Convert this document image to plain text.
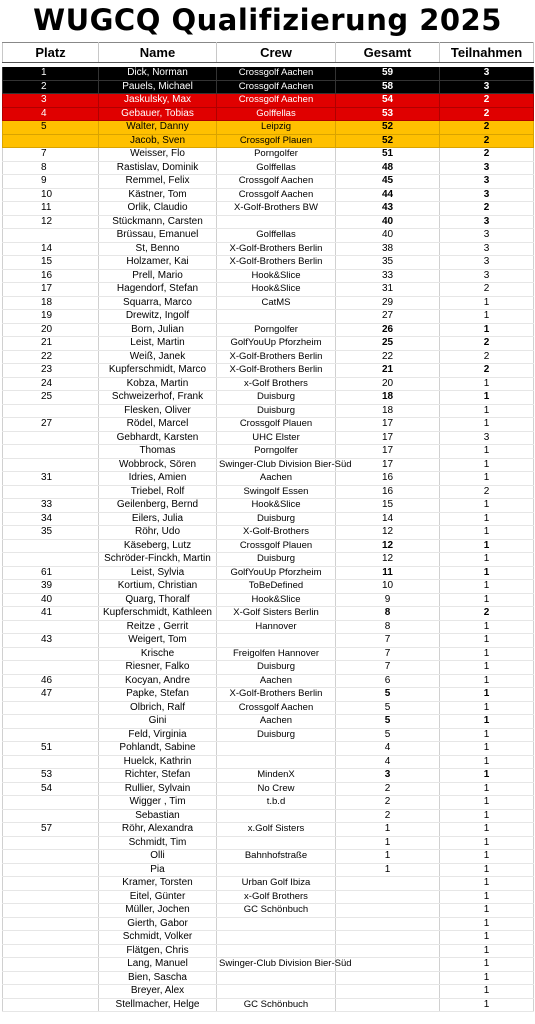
WUGCQ Qualifizierung 2025
Platz	Name	Crew	Gesamt	Teilnahmen

1	Dick, Norman	Crossgolf Aachen	59	3
2	Pauels, Michael	Crossgolf Aachen	58	3
3	Jaskulsky, Max	Crossgolf Aachen	54	2
4	Gebauer, Tobias	Golffellas	53	2
5	Walter, Danny	Leipzig	52	2
	Jacob, Sven	Crossgolf Plauen	52	2
7	Weisser, Flo	Porngolfer	51	2
8	Rastislav, Dominik	Golffellas	48	3
9	Remmel, Felix	Crossgolf Aachen	45	3
10	Kästner, Tom	Crossgolf Aachen	44	3
11	Orlik, Claudio	X-Golf-Brothers BW	43	2
12	Stückmann, Carsten		40	3
	Brüssau, Emanuel	Golffellas	40	3
14	St, Benno	X-Golf-Brothers Berlin	38	3
15	Holzamer, Kai	X-Golf-Brothers Berlin	35	3
16	Prell, Mario	Hook&Slice	33	3
17	Hagendorf, Stefan	Hook&Slice	31	2
18	Squarra, Marco	CatMS	29	1
19	Drewitz, Ingolf		27	1
20	Born, Julian	Porngolfer	26	1
21	Leist, Martin	GolfYouUp Pforzheim	25	2
22	Weiß, Janek	X-Golf-Brothers Berlin	22	2
23	Kupferschmidt, Marco	X-Golf-Brothers Berlin	21	2
24	Kobza, Martin	x-Golf Brothers	20	1
25	Schweizerhof, Frank	Duisburg	18	1
	Flesken, Oliver	Duisburg	18	1
27	Rödel, Marcel	Crossgolf Plauen	17	1
	Gebhardt, Karsten	UHC Elster	17	3
	Thomas	Porngolfer	17	1
	Wobbrock, Sören	Swinger-Club Division Bier-Süd	17	1
31	Idries, Amien	Aachen	16	1
	Triebel, Rolf	Swingolf Essen	16	2
33	Geilenberg, Bernd	Hook&Slice	15	1
34	Eilers, Julia	Duisburg	14	1
35	Röhr, Udo	X-Golf-Brothers	12	1
	Käseberg, Lutz	Crossgolf Plauen	12	1
	Schröder-Finckh, Martin	Duisburg	12	1
61	Leist, Sylvia	GolfYouUp Pforzheim	11	1
39	Kortium, Christian	ToBeDefined	10	1
40	Quarg, Thoralf	Hook&Slice	9	1
41	Kupferschmidt, Kathleen	X-Golf Sisters Berlin	8	2
	Reitze , Gerrit	Hannover	8	1
43	Weigert, Tom		7	1
	Krische	Freigolfen Hannover	7	1
	Riesner, Falko	Duisburg	7	1
46	Kocyan, Andre	Aachen	6	1
47	Papke, Stefan	X-Golf-Brothers Berlin	5	1
	Olbrich, Ralf	Crossgolf Aachen	5	1
	Gini	Aachen	5	1
	Feld, Virginia	Duisburg	5	1
51	Pohlandt, Sabine		4	1
	Huelck, Kathrin		4	1
53	Richter, Stefan	MindenX	3	1
54	Rullier, Sylvain	No Crew	2	1
	Wigger , Tim	t.b.d	2	1
	Sebastian		2	1
57	Röhr, Alexandra	x.Golf Sisters	1	1
	Schmidt, Tim		1	1
	Olli	Bahnhofstraße	1	1
	Pia		1	1
	Kramer, Torsten	Urban Golf Ibiza		1
	Eitel, Günter	x-Golf Brothers		1
	Müller, Jochen	GC Schönbuch		1
	Gierth, Gabor			1
	Schmidt, Volker			1
	Flätgen, Chris			1
	Lang, Manuel	Swinger-Club Division Bier-Süd		1
	Bien, Sascha			1
	Breyer, Alex			1
	Stellmacher, Helge	GC Schönbuch		1
